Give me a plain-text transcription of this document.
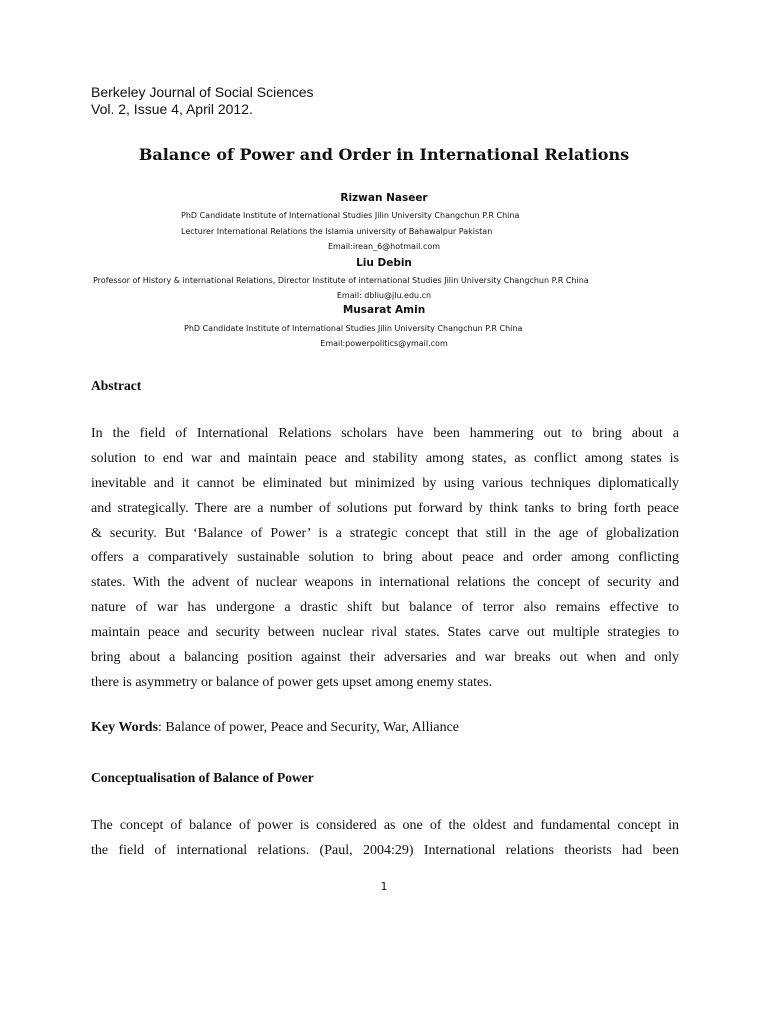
Berkeley Journal of Social Sciences
Vol. 2, Issue 4, April 2012.
Balance of Power and Order in International Relations
Rizwan Naseer
PhD Candidate Institute of International Studies Jilin University Changchun P.R China
Lecturer International Relations the Islamia university of Bahawalpur Pakistan
Email:irean_6@hotmail.com
Liu Debin
Professor of History & international Relations, Director Institute of international Studies Jilin University Changchun P.R China
Email: dbliu@jlu.edu.cn
Musarat Amin
PhD Candidate Institute of International Studies Jilin University Changchun P.R China
Email:powerpolitics@ymail.com
Abstract
In the field of International Relations scholars have been hammering out to bring about a
solution to end war and maintain peace and stability among states, as conflict among states is
inevitable and it cannot be eliminated but minimized by using various techniques diplomatically
and strategically. There are a number of solutions put forward by think tanks to bring forth peace
& security. But ‘Balance of Power’ is a strategic concept that still in the age of globalization
offers a comparatively sustainable solution to bring about peace and order among conflicting
states. With the advent of nuclear weapons in international relations the concept of security and
nature of war has undergone a drastic shift but balance of terror also remains effective to
maintain peace and security between nuclear rival states. States carve out multiple strategies to
bring about a balancing position against their adversaries and war breaks out when and only
there is asymmetry or balance of power gets upset among enemy states.
Key Words: Balance of power, Peace and Security, War, Alliance
Conceptualisation of Balance of Power
The concept of balance of power is considered as one of the oldest and fundamental concept in
the field of international relations. (Paul, 2004:29) International relations theorists had been
1
